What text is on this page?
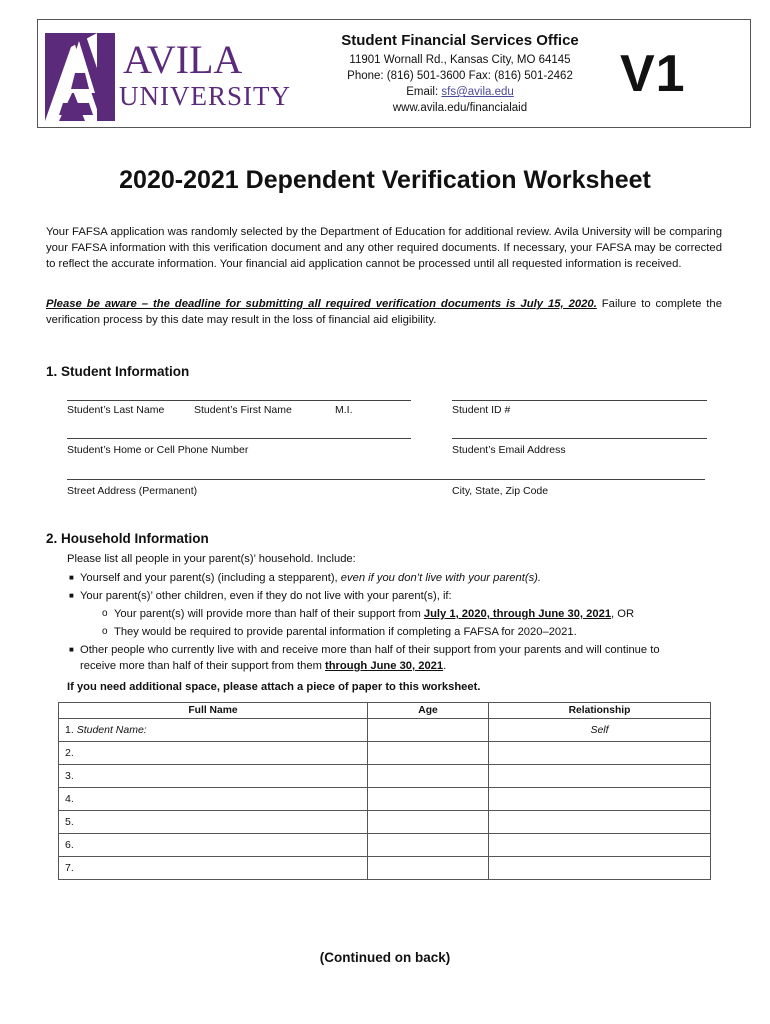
AVILA
UNIVERSITY
Student Financial Services Office
11901 Wornall Rd., Kansas City, MO 64145
Phone: (816) 501-3600 Fax: (816) 501-2462
Email: sfs@avila.edu
www.avila.edu/financialaid
V1
2020-2021 Dependent Verification Worksheet
Your FAFSA application was randomly selected by the Department of Education for additional review. Avila University will be comparing your FAFSA information with this verification document and any other required documents. If necessary, your FAFSA may be corrected to reflect the accurate information. Your financial aid application cannot be processed until all requested information is received.
Please be aware – the deadline for submitting all required verification documents is July 15, 2020. Failure to complete the verification process by this date may result in the loss of financial aid eligibility.
1. Student Information
Student’s Last Name	Student’s First Name	M.I.	Student ID #
Student’s Home or Cell Phone Number	Student’s Email Address
Street Address (Permanent)	City, State, Zip Code
2. Household Information
Please list all people in your parent(s)’ household. Include:
■ Yourself and your parent(s) (including a stepparent), even if you don’t live with your parent(s).
■ Your parent(s)’ other children, even if they do not live with your parent(s), if:
o Your parent(s) will provide more than half of their support from July 1, 2020, through June 30, 2021, OR
o They would be required to provide parental information if completing a FAFSA for 2020–2021.
■ Other people who currently live with and receive more than half of their support from your parents and will continue to
receive more than half of their support from them through June 30, 2021.
If you need additional space, please attach a piece of paper to this worksheet.
Full Name	Age	Relationship
1. Student Name:		Self
2.		
3.		
4.		
5.		
6.		
7.		
(Continued on back)
